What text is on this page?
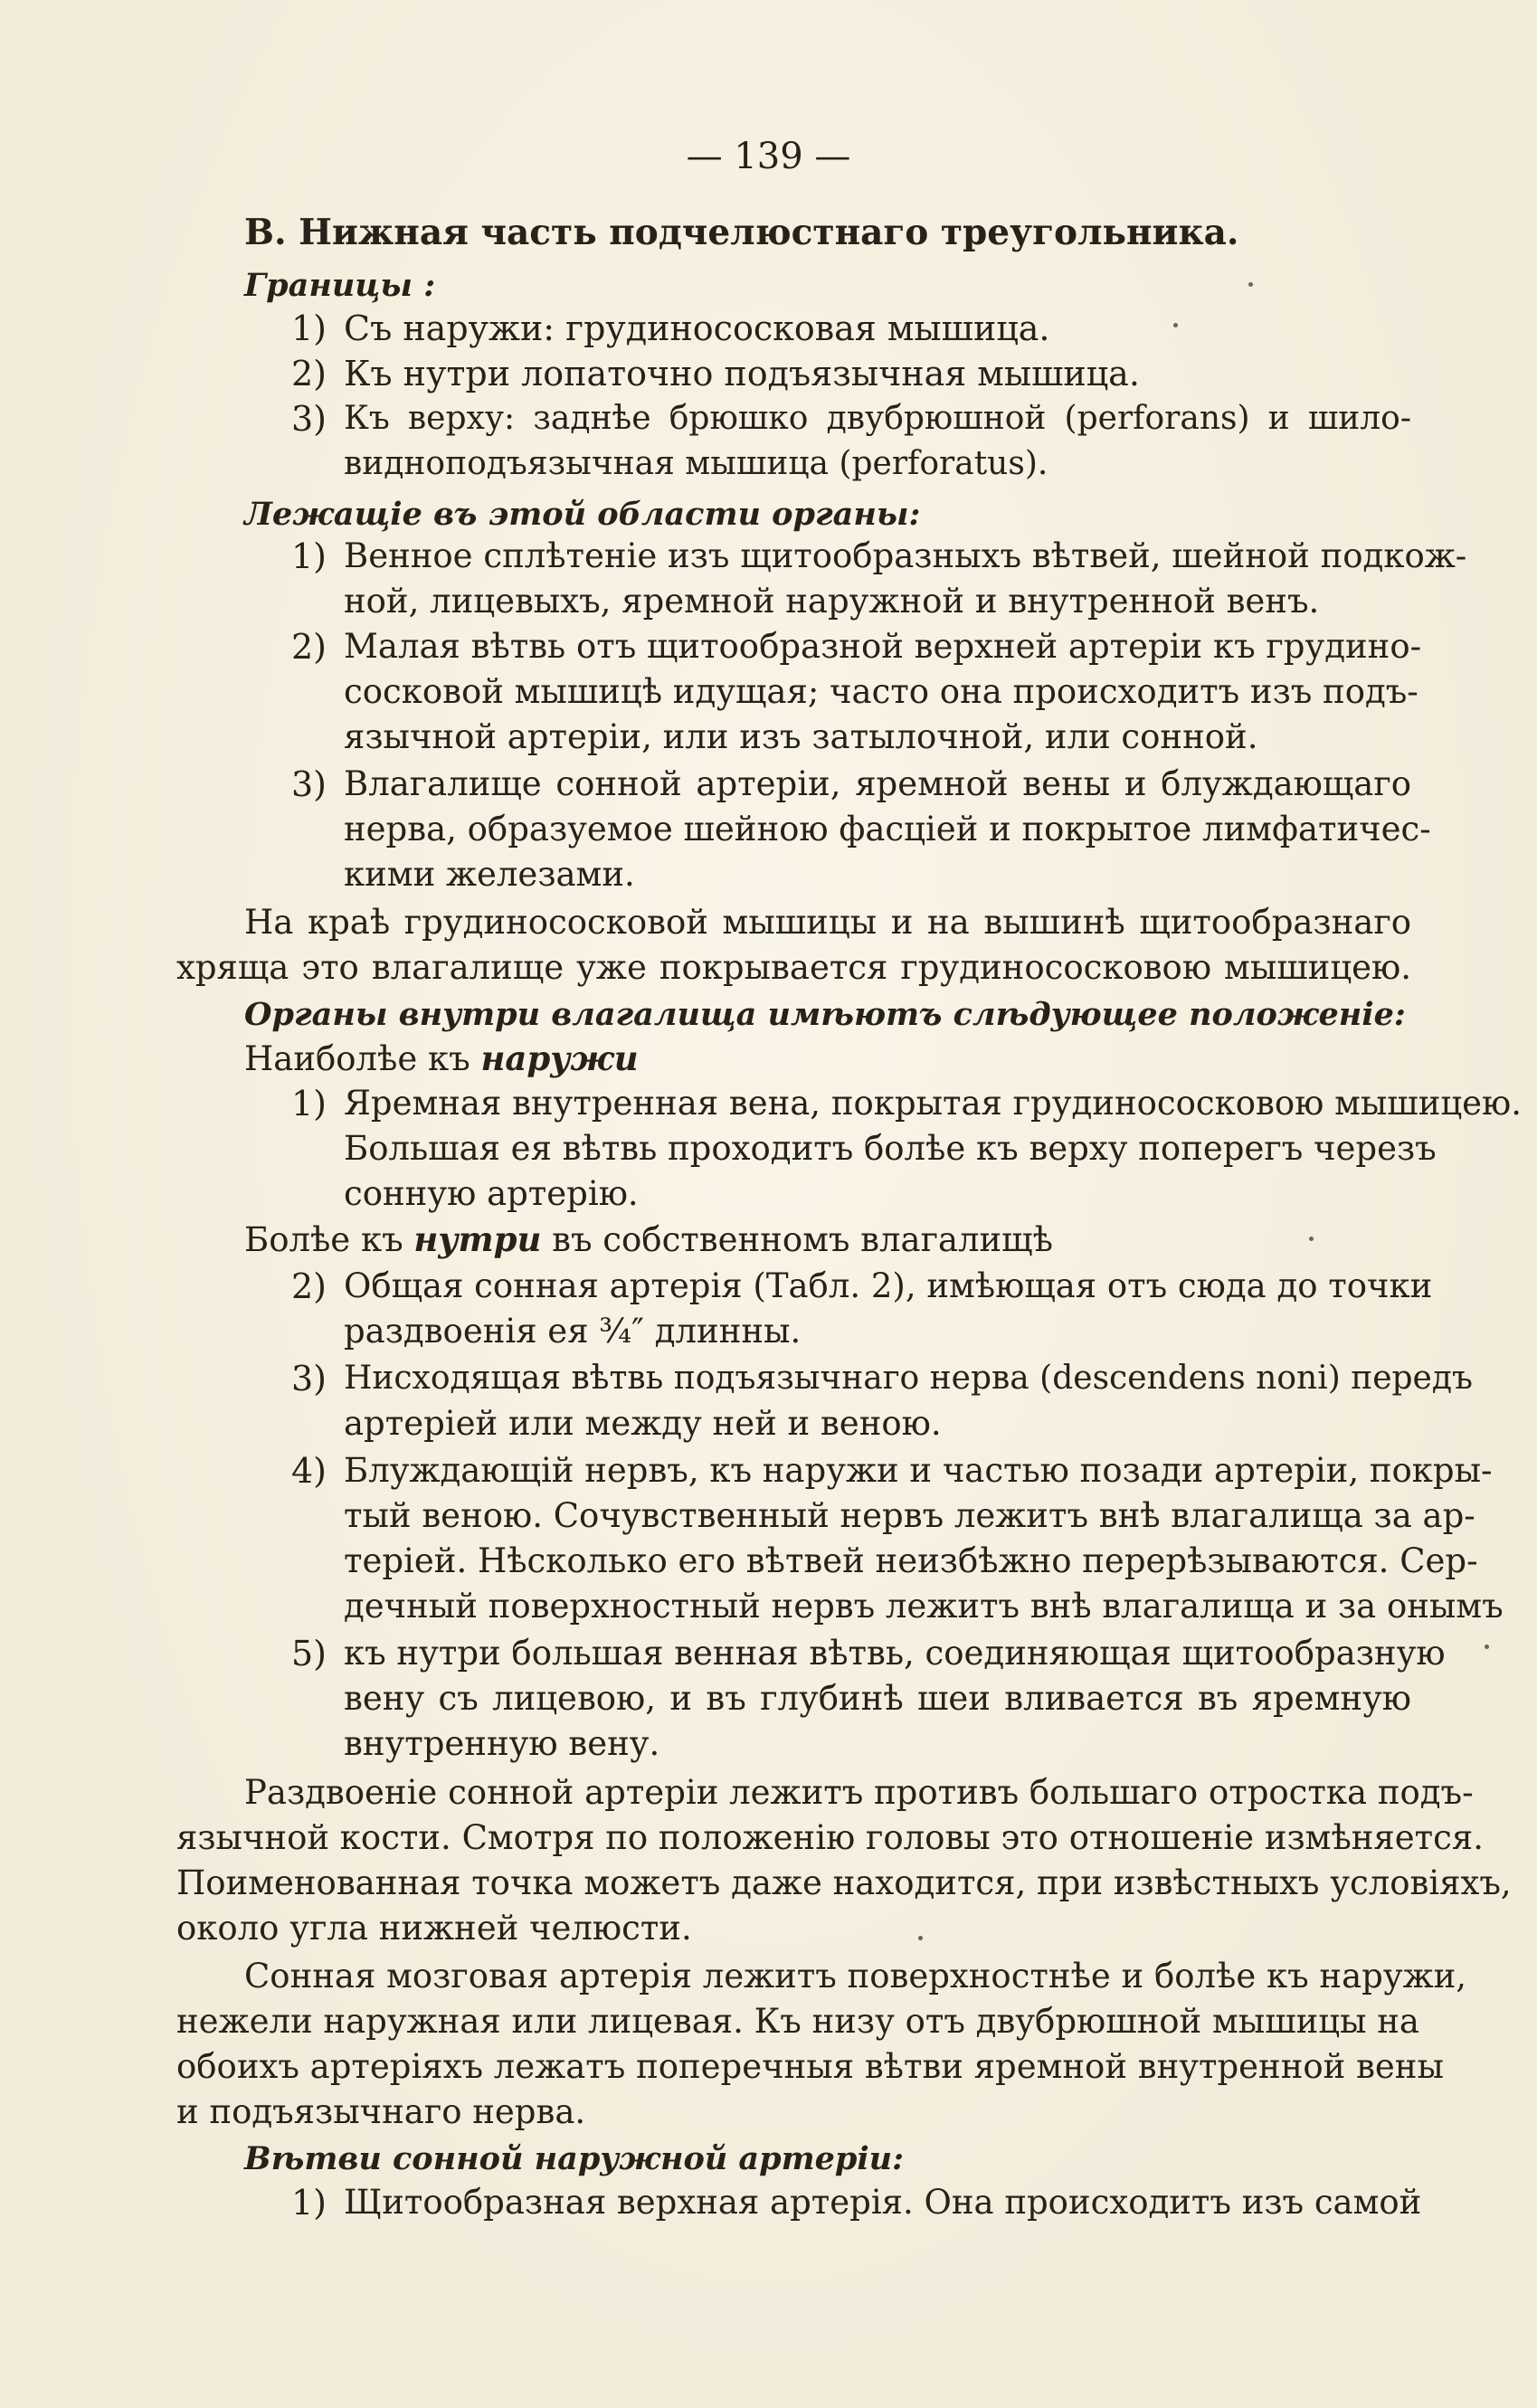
— 139 —
B. Нижная часть подчелюстнаго треугольника.
Границы :
1) Съ наружи: грудинососкoвая мышица.
2) Къ нутри лопаточно подъязычная мышица.
3) Къ верху: заднѣе брюшко двубрюшной (perforans) и шило-
видноподъязычная мышица (perforatus).
Лежащiе въ этой области органы:
1) Венное сплѣтенiе изъ щитообразныхъ вѣтвей, шейной подкож-
ной, лицевыхъ, яремной наружной и внутренной венъ.
2) Малая вѣтвь отъ щитообразной верхней артерiи къ грудино-
сосковой мышицѣ идущая; часто она происходитъ изъ подъ-
язычной артерiи, или изъ затылочной, или сонной.
3) Влагалище сонной артерiи, яремной вены и блуждающаго
нерва, образуемое шейною фасцiей и покрытое лимфатичес-
кими железами.
На краѣ грудинососковой мышицы и на вышинѣ щитообразнаго
хряща это влагалище уже покрывается грудинососковою мышицею.
Органы внутри влагалища имѣютъ слѣдующее положенiе:
Наиболѣе къ наружи
1) Яремная внутренная вена, покрытая грудинососковою мышицею.
Большая ея вѣтвь проходитъ болѣе къ верху поперегъ черезъ
сонную артерiю.
Болѣе къ нутри въ собственномъ влагалищѣ
2) Общая сонная артерiя (Табл. 2), имѣющая отъ сюда до точки
раздвоенiя ея ¾″ длинны.
3) Нисходящая вѣтвь подъязычнаго нерва (descendens noni) передъ
артерiей или между ней и веною.
4) Блуждающiй нервъ, къ наружи и частью позади артерiи, покры-
тый веною. Сочувственный нервъ лежитъ внѣ влагалища за ар-
терiей. Нѣсколько его вѣтвей неизбѣжно перерѣзываются. Сер-
дечный поверхностный нервъ лежитъ внѣ влагалища и за онымъ
5) къ нутри большая венная вѣтвь, соединяющая щитообразную
вену съ лицевою, и въ глубинѣ шеи вливается въ яремную
внутренную вену.
Раздвоенiе сонной артерiи лежитъ противъ большаго отростка подъ-
язычной кости. Смотря по положенiю головы это отношенiе измѣняется.
Поименованная точка можетъ даже находится, при извѣстныхъ условiяхъ,
около угла нижней челюсти.
Сонная мозговая артерiя лежитъ поверхностнѣе и болѣе къ наружи,
нежели наружная или лицевая. Къ низу отъ двубрюшной мышицы на
обоихъ артерiяхъ лежатъ поперечныя вѣтви яремной внутренной вены
и подъязычнаго нерва.
Вѣтви сонной наружной артерiи:
1) Щитообразная верхная артерiя. Она происходитъ изъ самой
